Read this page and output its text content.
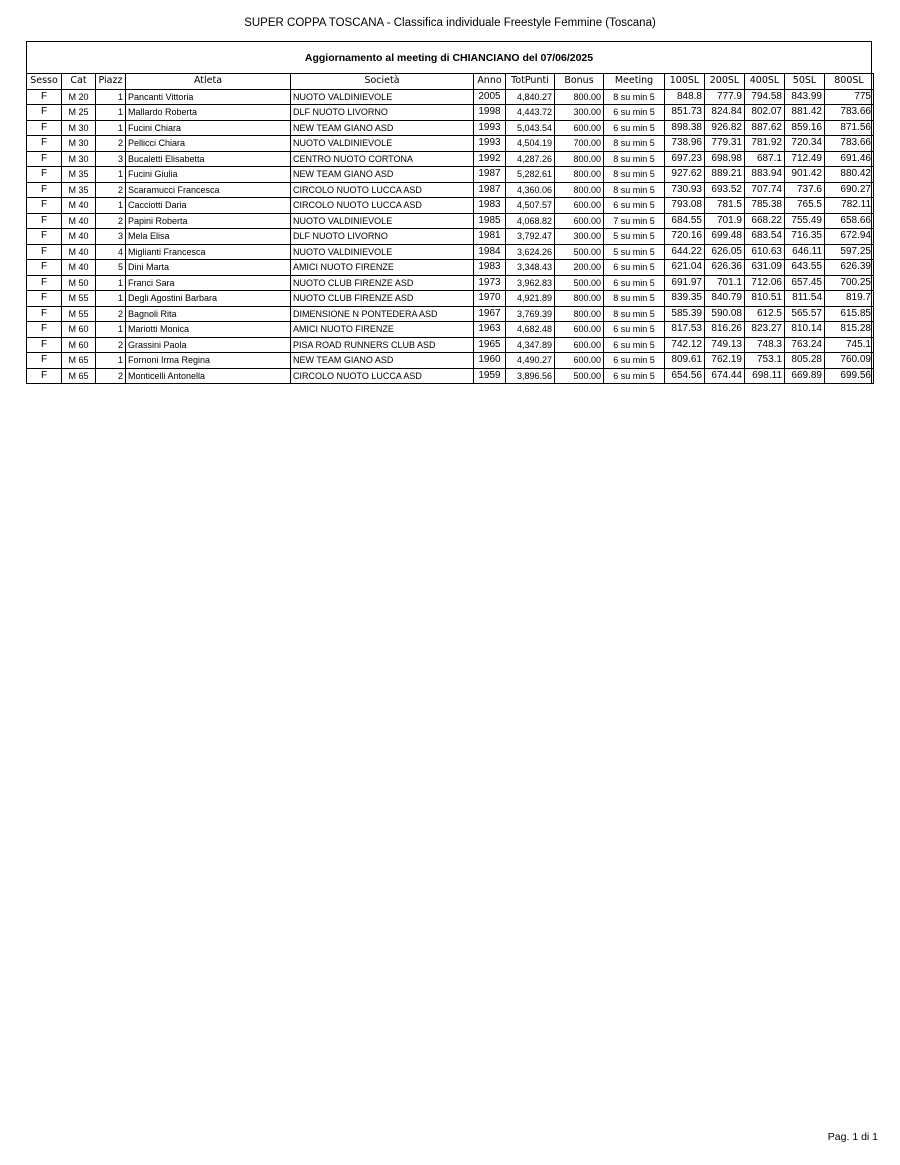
SUPER COPPA TOSCANA - Classifica individuale Freestyle Femmine (Toscana)
Aggiornamento al meeting di CHIANCIANO del 07/06/2025
Sesso	Cat	Piazz	Atleta	Società	Anno	TotPunti	Bonus	Meeting	100SL	200SL	400SL	50SL	800SL
F	M 20	1	Pancanti Vittoria	NUOTO VALDINIEVOLE	2005	4,840.27	800.00	8 su min 5	848.8	777.9	794.58	843.99	775
F	M 25	1	Mallardo Roberta	DLF NUOTO LIVORNO	1998	4,443.72	300.00	6 su min 5	851.73	824.84	802.07	881.42	783.66
F	M 30	1	Fucini Chiara	NEW TEAM GIANO ASD	1993	5,043.54	600.00	6 su min 5	898.38	926.82	887.62	859.16	871.56
F	M 30	2	Pellicci Chiara	NUOTO VALDINIEVOLE	1993	4,504.19	700.00	8 su min 5	738.96	779.31	781.92	720.34	783.66
F	M 30	3	Bucaletti Elisabetta	CENTRO NUOTO CORTONA	1992	4,287.26	800.00	8 su min 5	697.23	698.98	687.1	712.49	691.46
F	M 35	1	Fucini Giulia	NEW TEAM GIANO ASD	1987	5,282.61	800.00	8 su min 5	927.62	889.21	883.94	901.42	880.42
F	M 35	2	Scaramucci Francesca	CIRCOLO NUOTO LUCCA ASD	1987	4,360.06	800.00	8 su min 5	730.93	693.52	707.74	737.6	690.27
F	M 40	1	Cacciotti Daria	CIRCOLO NUOTO LUCCA ASD	1983	4,507.57	600.00	6 su min 5	793.08	781.5	785.38	765.5	782.11
F	M 40	2	Papini Roberta	NUOTO VALDINIEVOLE	1985	4,068.82	600.00	7 su min 5	684.55	701.9	668.22	755.49	658.66
F	M 40	3	Mela Elisa	DLF NUOTO LIVORNO	1981	3,792.47	300.00	5 su min 5	720.16	699.48	683.54	716.35	672.94
F	M 40	4	Miglianti Francesca	NUOTO VALDINIEVOLE	1984	3,624.26	500.00	5 su min 5	644.22	626.05	610.63	646.11	597.25
F	M 40	5	Dini Marta	AMICI NUOTO FIRENZE	1983	3,348.43	200.00	6 su min 5	621.04	626.36	631.09	643.55	626.39
F	M 50	1	Franci Sara	NUOTO CLUB FIRENZE ASD	1973	3,962.83	500.00	6 su min 5	691.97	701.1	712.06	657.45	700.25
F	M 55	1	Degli Agostini Barbara	NUOTO CLUB FIRENZE ASD	1970	4,921.89	800.00	8 su min 5	839.35	840.79	810.51	811.54	819.7
F	M 55	2	Bagnoli Rita	DIMENSIONE N PONTEDERA ASD	1967	3,769.39	800.00	8 su min 5	585.39	590.08	612.5	565.57	615.85
F	M 60	1	Mariotti Monica	AMICI NUOTO FIRENZE	1963	4,682.48	600.00	6 su min 5	817.53	816.26	823.27	810.14	815.28
F	M 60	2	Grassini Paola	PISA ROAD RUNNERS CLUB ASD	1965	4,347.89	600.00	6 su min 5	742.12	749.13	748.3	763.24	745.1
F	M 65	1	Fornoni Irma Regina	NEW TEAM GIANO ASD	1960	4,490.27	600.00	6 su min 5	809.61	762.19	753.1	805.28	760.09
F	M 65	2	Monticelli Antonella	CIRCOLO NUOTO LUCCA ASD	1959	3,896.56	500.00	6 su min 5	654.56	674.44	698.11	669.89	699.56
Pag. 1 di 1
